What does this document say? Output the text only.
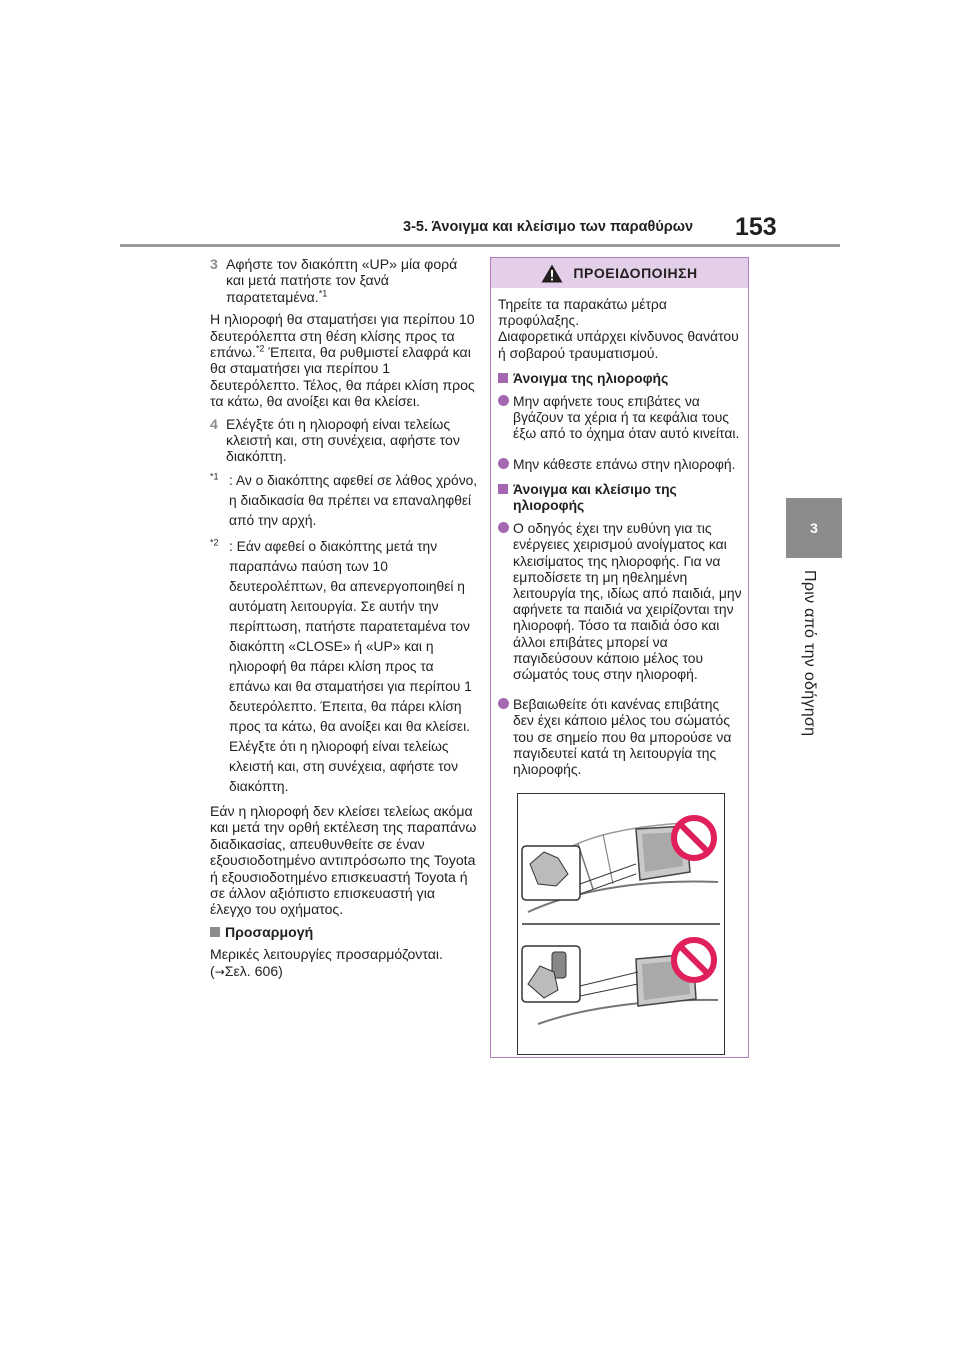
3-5. Άνοιγμα και κλείσιμο των παραθύρων	153
3
Πριν από την οδήγηση
3 Αφήστε τον διακόπτη «UP» μία φορά και μετά πατήστε τον ξανά παρατεταμένα.$^{*1}$

Η ηλιοροφή θα σταματήσει για περίπου 10 δευτερόλεπτα στη θέση κλίσης προς τα επάνω.$^{*2}$ Έπειτα, θα ρυθμιστεί ελαφρά και θα σταματήσει για περίπου 1 δευτερόλεπτο. Τέλος, θα πάρει κλίση προς τα κάτω, θα ανοίξει και θα κλείσει.

4 Ελέγξτε ότι η ηλιοροφή είναι τελείως κλειστή και, στη συνέχεια, αφήστε τον διακόπτη.
$^{*1}$ : Αν ο διακόπτης αφεθεί σε λάθος χρόνο, η διαδικασία θα πρέπει να επαναληφθεί από την αρχή.
$^{*2}$ : Εάν αφεθεί ο διακόπτης μετά την παραπάνω παύση των 10 δευτερολέπτων, θα απενεργοποιηθεί η αυτόματη λειτουργία. Σε αυτήν την περίπτωση, πατήστε παρατεταμένα τον διακόπτη «CLOSE» ή «UP» και η ηλιοροφή θα πάρει κλίση προς τα επάνω και θα σταματήσει για περίπου 1 δευτερόλεπτο. Έπειτα, θα πάρει κλίση προς τα κάτω, θα ανοίξει και θα κλείσει. Ελέγξτε ότι η ηλιοροφή είναι τελείως κλειστή και, στη συνέχεια, αφήστε τον διακόπτη.

Εάν η ηλιοροφή δεν κλείσει τελείως ακόμα και μετά την ορθή εκτέλεση της παραπάνω διαδικασίας, απευθυνθείτε σε έναν εξουσιοδοτημένο αντιπρόσωπο της Toyota ή εξουσιοδοτημένο επισκευαστή Toyota ή σε άλλον αξιόπιστο επισκευαστή για έλεγχο του οχήματος.

Προσαρμογή

Μερικές λειτουργίες προσαρμόζονται.

(→Σελ. 606)

ΠΡΟΕΙΔΟΠΟΙΗΣΗ

Τηρείτε τα παρακάτω μέτρα προφύλαξης.

Διαφορετικά υπάρχει κίνδυνος θανάτου ή σοβαρού τραυματισμού.

Άνοιγμα της ηλιοροφής
Μην αφήνετε τους επιβάτες να βγάζουν τα χέρια ή τα κεφάλια τους έξω από το όχημα όταν αυτό κινείται.
Μην κάθεστε επάνω στην ηλιοροφή.
Άνοιγμα και κλείσιμο της ηλιοροφής
Ο οδηγός έχει την ευθύνη για τις ενέργειες χειρισμού ανοίγματος και κλεισίματος της ηλιοροφής. Για να εμποδίσετε τη μη ηθελημένη λειτουργία της, ιδίως από παιδιά, μην αφήνετε τα παιδιά να χειρίζονται την ηλιοροφή. Τόσο τα παιδιά όσο και άλλοι επιβάτες μπορεί να παγιδεύσουν κάποιο μέλος του σώματός τους στην ηλιοροφή.
Βεβαιωθείτε ότι κανένας επιβάτης δεν έχει κάποιο μέλος του σώματός του σε σημείο που θα μπορούσε να παγιδευτεί κατά τη λειτουργία της ηλιοροφής.
